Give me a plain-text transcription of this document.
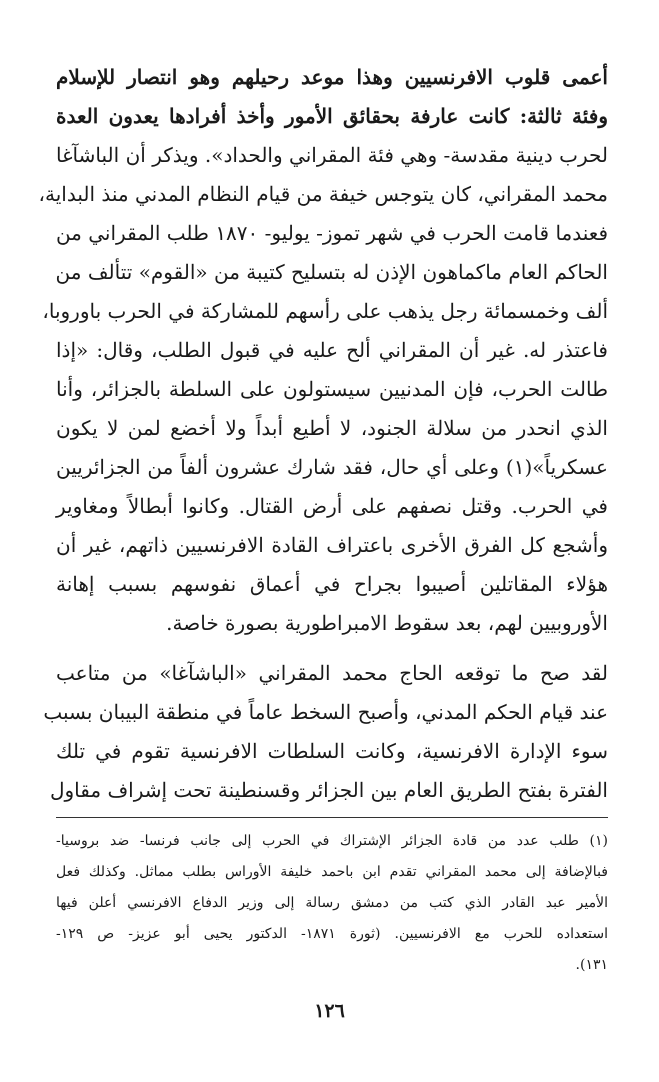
أعمى قلوب الافرنسيين وهذا موعد رحيلهم وهو انتصار للإسلام
وفئة ثالثة: كانت عارفة بحقائق الأمور وأخذ أفرادها يعدون العدة
لحرب دينية مقدسة- وهي فئة المقراني والحداد». ويذكر أن الباشآغا
محمد المقراني، كان يتوجس خيفة من قيام النظام المدني منذ البداية،
فعندما قامت الحرب في شهر تموز- يوليو- ١٨٧٠ طلب المقراني من
الحاكم العام ماكماهون الإذن له بتسليح كتيبة من «القوم» تتألف من
ألف وخمسمائة رجل يذهب على رأسهم للمشاركة في الحرب باوروبا،
فاعتذر له. غير أن المقراني ألح عليه في قبول الطلب، وقال: «إذا
طالت الحرب، فإن المدنيين سيستولون على السلطة بالجزائر، وأنا
الذي انحدر من سلالة الجنود، لا أطيع أبداً ولا أخضع لمن لا يكون
عسكرياً»(١) وعلى أي حال، فقد شارك عشرون ألفاً من الجزائريين
في الحرب. وقتل نصفهم على أرض القتال. وكانوا أبطالاً ومغاوير
وأشجع كل الفرق الأخرى باعتراف القادة الافرنسيين ذاتهم، غير أن
هؤلاء المقاتلين أصيبوا بجراح في أعماق نفوسهم بسبب إهانة
الأوروبيين لهم، بعد سقوط الامبراطورية بصورة خاصة.
لقد صح ما توقعه الحاج محمد المقراني «الباشآغا» من متاعب
عند قيام الحكم المدني، وأصبح السخط عاماً في منطقة البيبان بسبب
سوء الإدارة الافرنسية، وكانت السلطات الافرنسية تقوم في تلك
الفترة بفتح الطريق العام بين الجزائر وقسنطينة تحت إشراف مقاول
(١) طلب عدد من قادة الجزائر الإشتراك في الحرب إلى جانب فرنسا- ضد بروسيا-
فبالإضافة إلى محمد المقراني تقدم ابن باحمد خليفة الأوراس بطلب مماثل. وكذلك فعل
الأمير عبد القادر الذي كتب من دمشق رسالة إلى وزير الدفاع الافرنسي أعلن فيها
استعداده للحرب مع الافرنسيين. (ثورة ١٨٧١- الدكتور يحيى أبو عزيز- ص ١٢٩-
١٣١).
١٢٦
